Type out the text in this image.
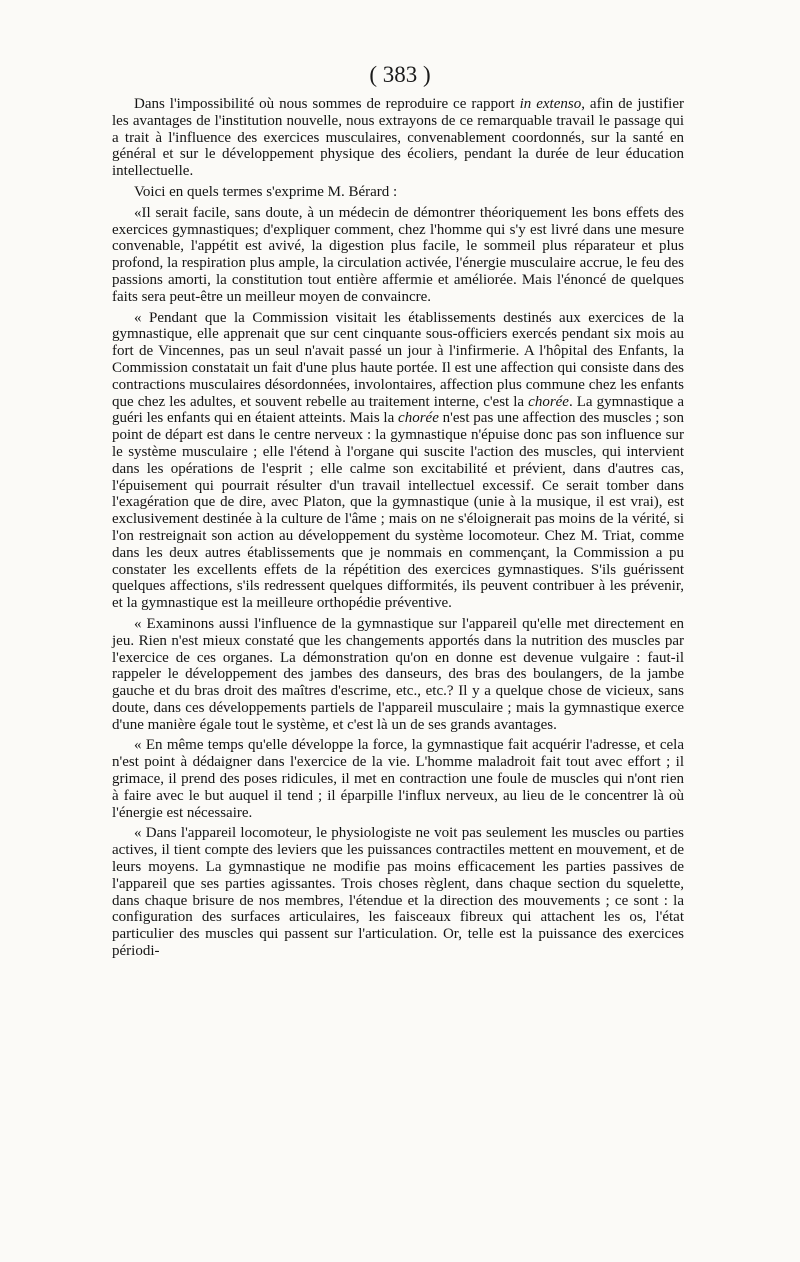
( 383 )

Dans l'impossibilité où nous sommes de reproduire ce rapport in extenso, afin de justifier les avantages de l'institution nouvelle, nous extrayons de ce remarquable travail le passage qui a trait à l'influence des exercices musculaires, convenablement coordonnés, sur la santé en général et sur le développement physique des écoliers, pendant la durée de leur éducation intellectuelle.

Voici en quels termes s'exprime M. Bérard :

«Il serait facile, sans doute, à un médecin de démontrer théoriquement les bons effets des exercices gymnastiques; d'expliquer comment, chez l'homme qui s'y est livré dans une mesure convenable, l'appétit est avivé, la digestion plus facile, le sommeil plus réparateur et plus profond, la respiration plus ample, la circulation activée, l'énergie musculaire accrue, le feu des passions amorti, la constitution tout entière affermie et améliorée. Mais l'énoncé de quelques faits sera peut-être un meilleur moyen de convaincre.

« Pendant que la Commission visitait les établissements destinés aux exercices de la gymnastique, elle apprenait que sur cent cinquante sous-officiers exercés pendant six mois au fort de Vincennes, pas un seul n'avait passé un jour à l'infirmerie. A l'hôpital des Enfants, la Commission constatait un fait d'une plus haute portée. Il est une affection qui consiste dans des contractions musculaires désordonnées, involontaires, affection plus commune chez les enfants que chez les adultes, et souvent rebelle au traitement interne, c'est la chorée. La gymnastique a guéri les enfants qui en étaient atteints. Mais la chorée n'est pas une affection des muscles ; son point de départ est dans le centre nerveux : la gymnastique n'épuise donc pas son influence sur le système musculaire ; elle l'étend à l'organe qui suscite l'action des muscles, qui intervient dans les opérations de l'esprit ; elle calme son excitabilité et prévient, dans d'autres cas, l'épuisement qui pourrait résulter d'un travail intellectuel excessif. Ce serait tomber dans l'exagération que de dire, avec Platon, que la gymnastique (unie à la musique, il est vrai), est exclusivement destinée à la culture de l'âme ; mais on ne s'éloignerait pas moins de la vérité, si l'on restreignait son action au développement du système locomoteur. Chez M. Triat, comme dans les deux autres établissements que je nommais en commençant, la Commission a pu constater les excellents effets de la répétition des exercices gymnastiques. S'ils guérissent quelques affections, s'ils redressent quelques difformités, ils peuvent contribuer à les prévenir, et la gymnastique est la meilleure orthopédie préventive.

« Examinons aussi l'influence de la gymnastique sur l'appareil qu'elle met directement en jeu. Rien n'est mieux constaté que les changements apportés dans la nutrition des muscles par l'exercice de ces organes. La démonstration qu'on en donne est devenue vulgaire : faut-il rappeler le développement des jambes des danseurs, des bras des boulangers, de la jambe gauche et du bras droit des maîtres d'escrime, etc., etc.? Il y a quelque chose de vicieux, sans doute, dans ces développements partiels de l'appareil musculaire ; mais la gymnastique exerce d'une manière égale tout le système, et c'est là un de ses grands avantages.

« En même temps qu'elle développe la force, la gymnastique fait acquérir l'adresse, et cela n'est point à dédaigner dans l'exercice de la vie. L'homme maladroit fait tout avec effort ; il grimace, il prend des poses ridicules, il met en contraction une foule de muscles qui n'ont rien à faire avec le but auquel il tend ; il éparpille l'influx nerveux, au lieu de le concentrer là où l'énergie est nécessaire.

« Dans l'appareil locomoteur, le physiologiste ne voit pas seulement les muscles ou parties actives, il tient compte des leviers que les puissances contractiles mettent en mouvement, et de leurs moyens. La gymnastique ne modifie pas moins efficacement les parties passives de l'appareil que ses parties agissantes. Trois choses règlent, dans chaque section du squelette, dans chaque brisure de nos membres, l'étendue et la direction des mouvements ; ce sont : la configuration des surfaces articulaires, les faisceaux fibreux qui attachent les os, l'état particulier des muscles qui passent sur l'articulation. Or, telle est la puissance des exercices périodi-
